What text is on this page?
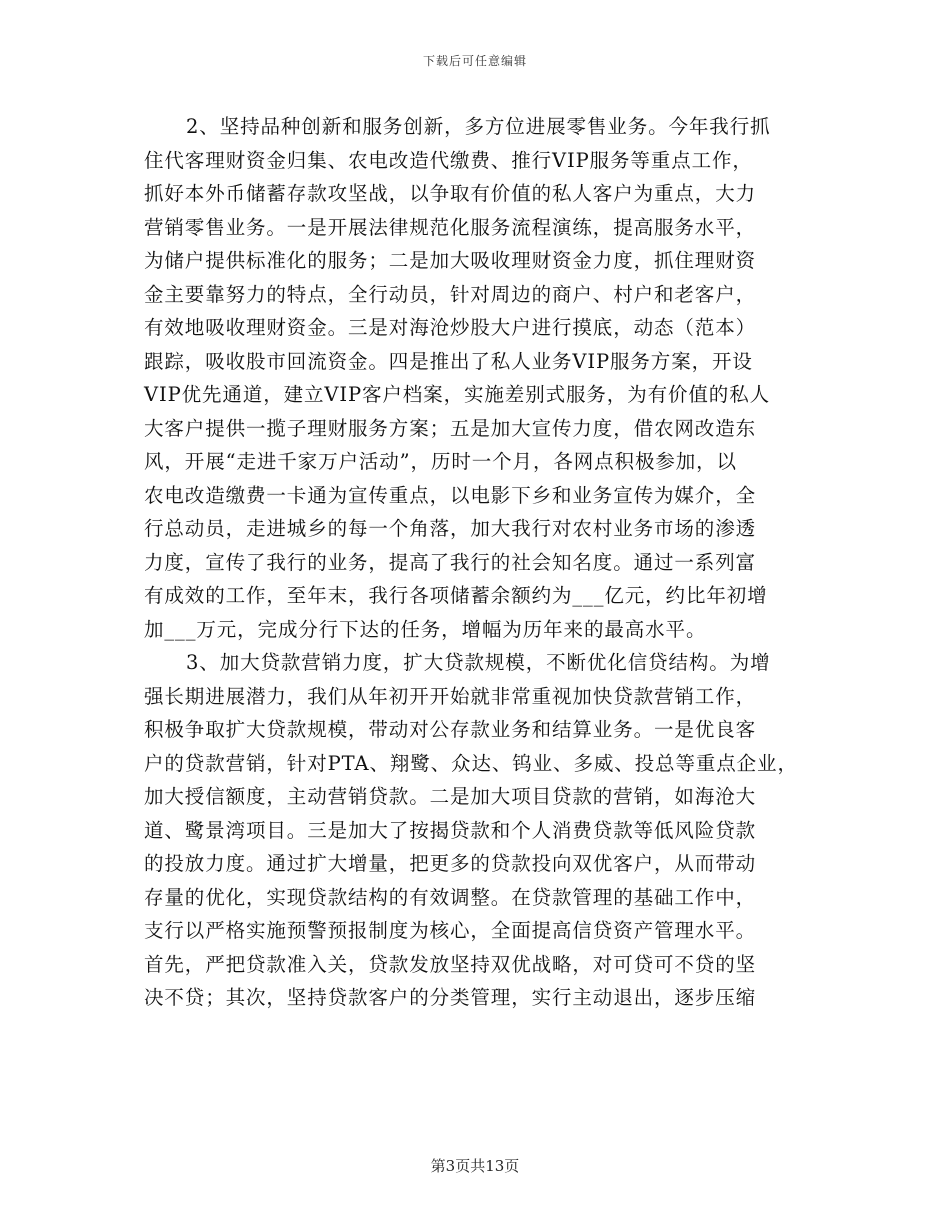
下载后可任意编辑
2、坚持品种创新和服务创新，多方位进展零售业务。今年我行抓
住代客理财资金归集、农电改造代缴费、推行VIP服务等重点工作，
抓好本外币储蓄存款攻坚战，以争取有价值的私人客户为重点，大力
营销零售业务。一是开展法律规范化服务流程演练，提高服务水平，
为储户提供标准化的服务；二是加大吸收理财资金力度，抓住理财资
金主要靠努力的特点，全行动员，针对周边的商户、村户和老客户，
有效地吸收理财资金。三是对海沧炒股大户进行摸底，动态（范本）
跟踪，吸收股市回流资金。四是推出了私人业务VIP服务方案，开设
VIP优先通道，建立VIP客户档案，实施差别式服务，为有价值的私人
大客户提供一揽子理财服务方案；五是加大宣传力度，借农网改造东
风，开展“走进千家万户活动”，历时一个月，各网点积极参加，以
农电改造缴费一卡通为宣传重点，以电影下乡和业务宣传为媒介，全
行总动员，走进城乡的每一个角落，加大我行对农村业务市场的渗透
力度，宣传了我行的业务，提高了我行的社会知名度。通过一系列富
有成效的工作，至年末，我行各项储蓄余额约为___亿元，约比年初增
加___万元，完成分行下达的任务，增幅为历年来的最高水平。
3、加大贷款营销力度，扩大贷款规模，不断优化信贷结构。为增
强长期进展潜力，我们从年初开开始就非常重视加快贷款营销工作，
积极争取扩大贷款规模，带动对公存款业务和结算业务。一是优良客
户的贷款营销，针对PTA、翔鹭、众达、钨业、多威、投总等重点企业，
加大授信额度，主动营销贷款。二是加大项目贷款的营销，如海沧大
道、鹭景湾项目。三是加大了按揭贷款和个人消费贷款等低风险贷款
的投放力度。通过扩大增量，把更多的贷款投向双优客户，从而带动
存量的优化，实现贷款结构的有效调整。在贷款管理的基础工作中，
支行以严格实施预警预报制度为核心，全面提高信贷资产管理水平。
首先，严把贷款准入关，贷款发放坚持双优战略，对可贷可不贷的坚
决不贷；其次，坚持贷款客户的分类管理，实行主动退出，逐步压缩
第3页共13页
